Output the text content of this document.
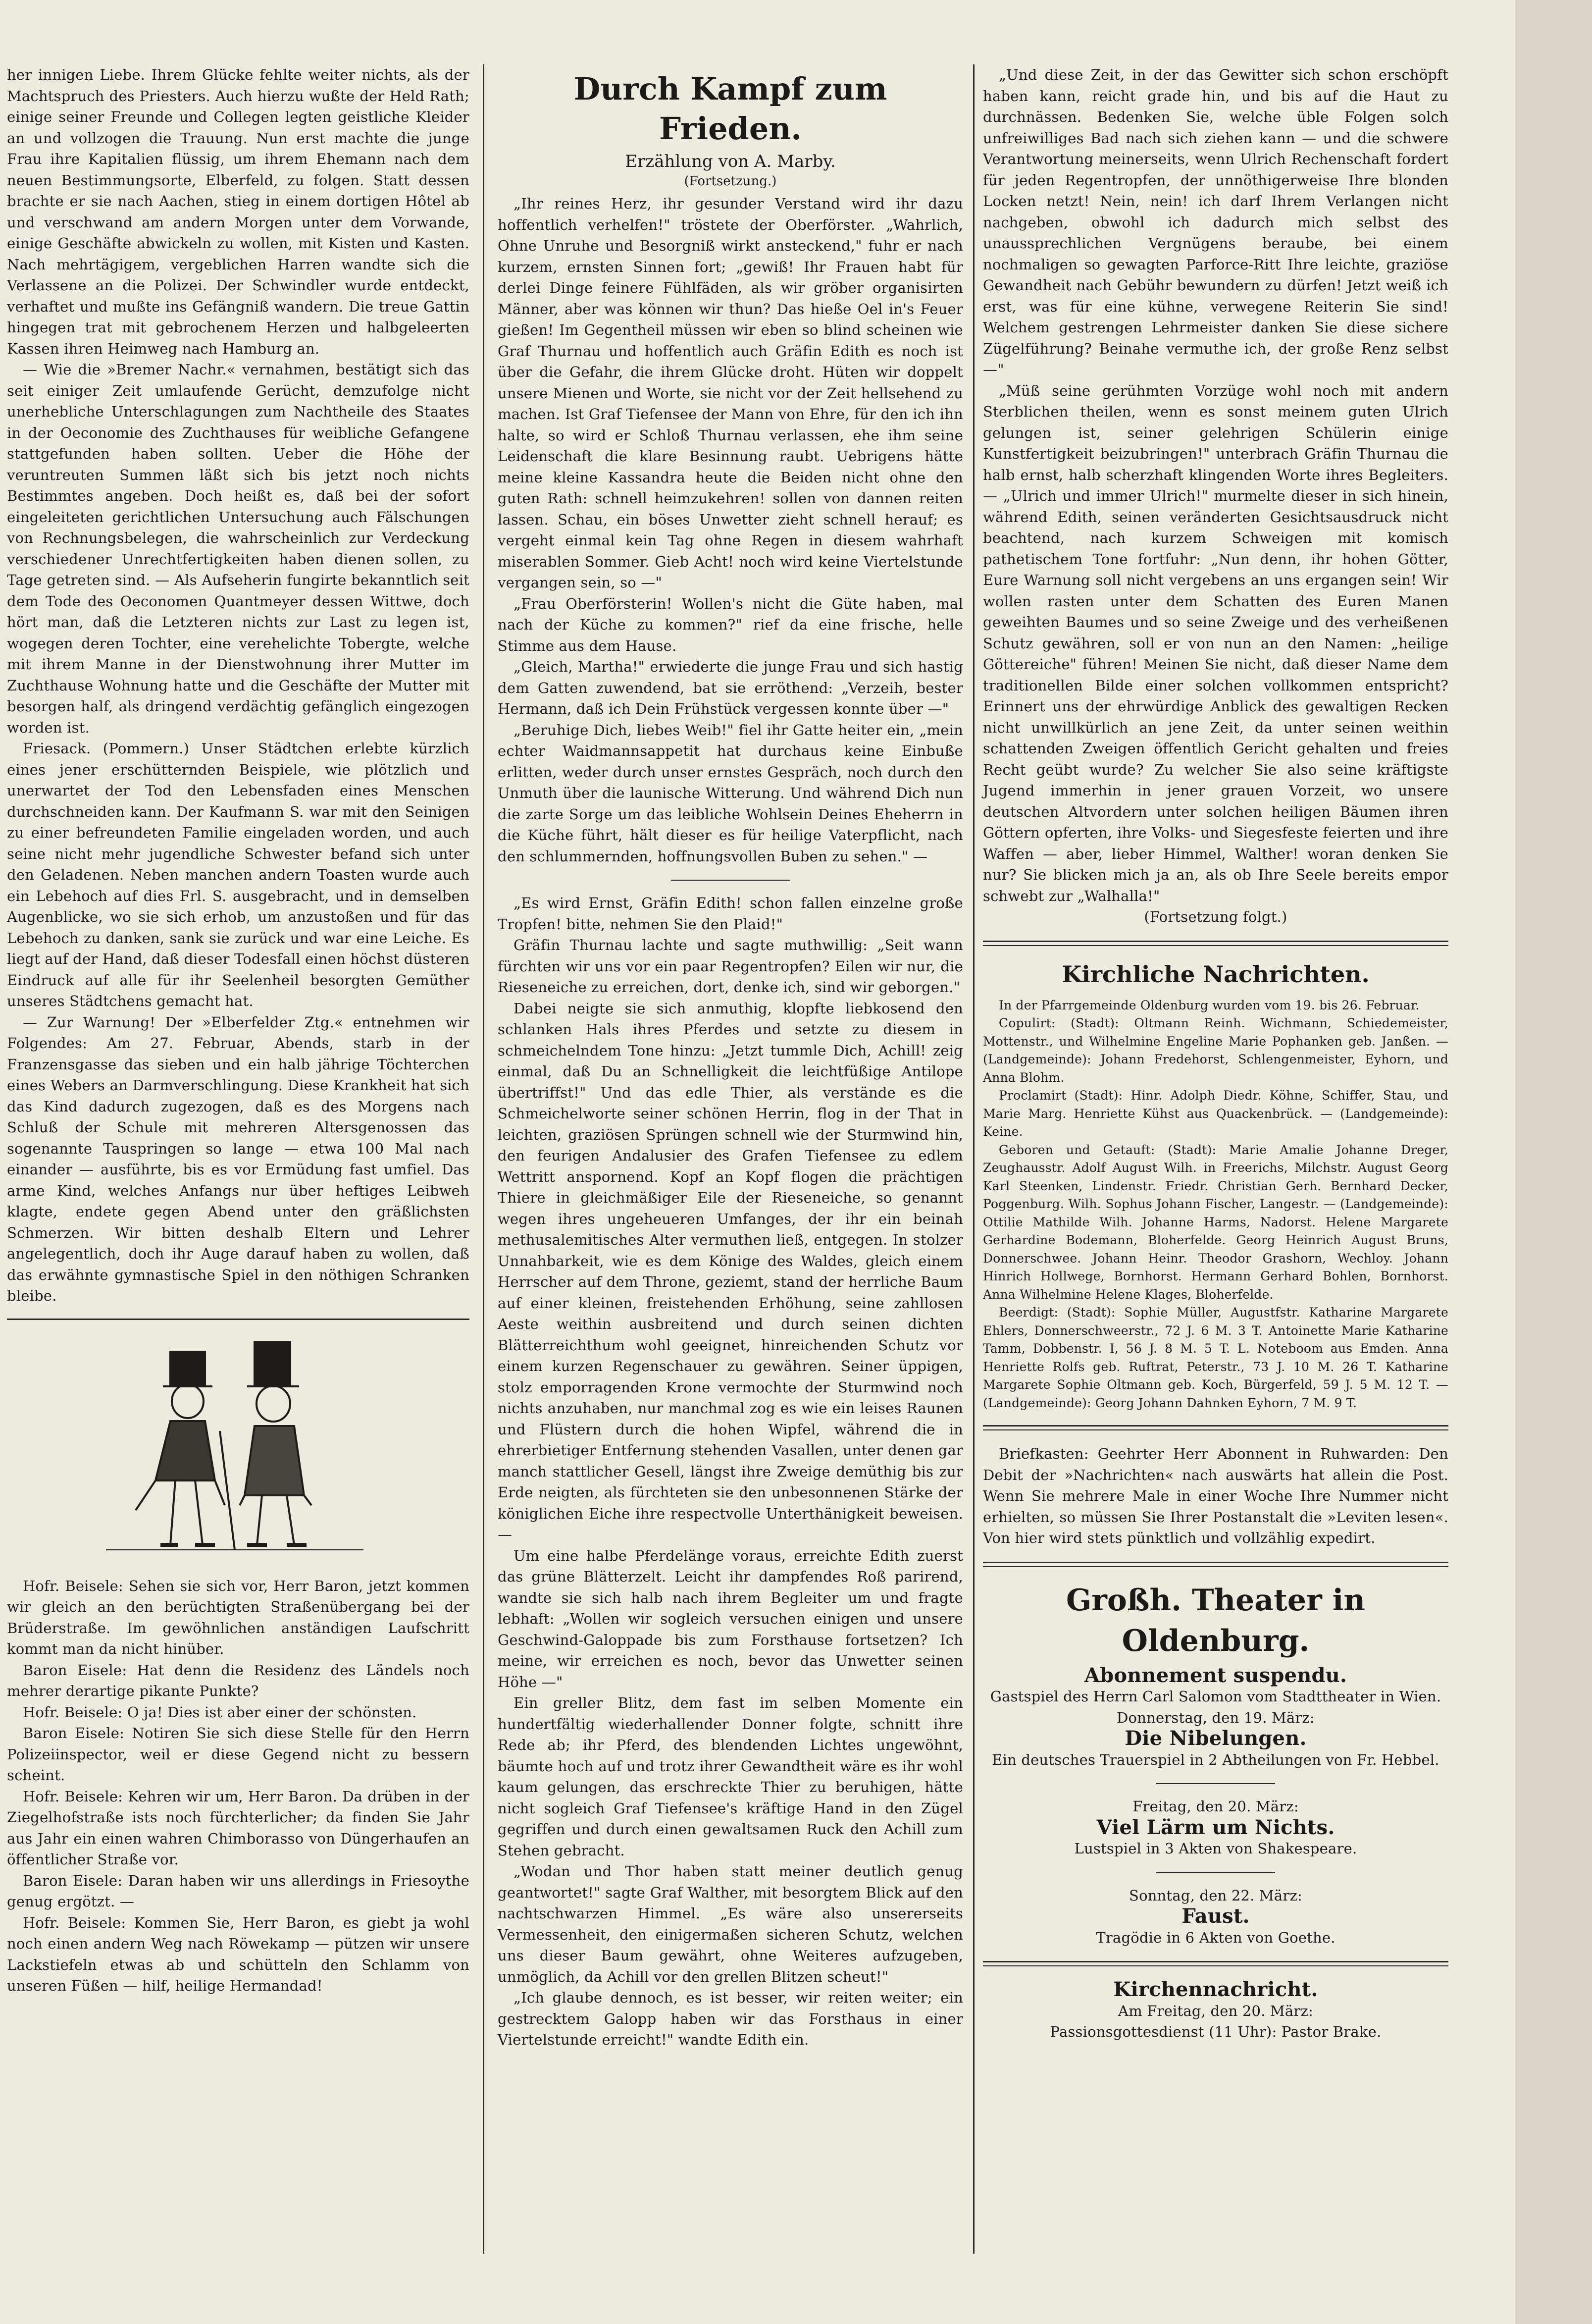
her innigen Liebe. Ihrem Glücke fehlte weiter nichts, als der Machtspruch des Priesters. Auch hierzu wußte der Held Rath; einige seiner Freunde und Collegen legten geistliche Kleider an und vollzogen die Trauung. Nun erst machte die junge Frau ihre Kapitalien flüssig, um ihrem Ehemann nach dem neuen Bestimmungsorte, Elberfeld, zu folgen. Statt dessen brachte er sie nach Aachen, stieg in einem dortigen Hôtel ab und verschwand am andern Morgen unter dem Vorwande, einige Geschäfte abwickeln zu wollen, mit Kisten und Kasten. Nach mehrtägigem, vergeblichen Harren wandte sich die Verlassene an die Polizei. Der Schwindler wurde entdeckt, verhaftet und mußte ins Gefängniß wandern. Die treue Gattin hingegen trat mit gebrochenem Herzen und halbgeleerten Kassen ihren Heimweg nach Hamburg an.

— Wie die »Bremer Nachr.« vernahmen, bestätigt sich das seit einiger Zeit umlaufende Gerücht, demzufolge nicht unerhebliche Unterschlagungen zum Nachtheile des Staates in der Oeconomie des Zuchthauses für weibliche Gefangene stattgefunden haben sollten. Ueber die Höhe der veruntreuten Summen läßt sich bis jetzt noch nichts Bestimmtes angeben. Doch heißt es, daß bei der sofort eingeleiteten gerichtlichen Untersuchung auch Fälschungen von Rechnungsbelegen, die wahrscheinlich zur Verdeckung verschiedener Unrechtfertigkeiten haben dienen sollen, zu Tage getreten sind. — Als Aufseherin fungirte bekanntlich seit dem Tode des Oeconomen Quantmeyer dessen Wittwe, doch hört man, daß die Letzteren nichts zur Last zu legen ist, wogegen deren Tochter, eine verehelichte Tobergte, welche mit ihrem Manne in der Dienstwohnung ihrer Mutter im Zuchthause Wohnung hatte und die Geschäfte der Mutter mit besorgen half, als dringend verdächtig gefänglich eingezogen worden ist.

Friesack. (Pommern.) Unser Städtchen erlebte kürzlich eines jener erschütternden Beispiele, wie plötzlich und unerwartet der Tod den Lebensfaden eines Menschen durchschneiden kann. Der Kaufmann S. war mit den Seinigen zu einer befreundeten Familie eingeladen worden, und auch seine nicht mehr jugendliche Schwester befand sich unter den Geladenen. Neben manchen andern Toasten wurde auch ein Lebehoch auf dies Frl. S. ausgebracht, und in demselben Augenblicke, wo sie sich erhob, um anzustoßen und für das Lebehoch zu danken, sank sie zurück und war eine Leiche. Es liegt auf der Hand, daß dieser Todesfall einen höchst düsteren Eindruck auf alle für ihr Seelenheil besorgten Gemüther unseres Städtchens gemacht hat.

— Zur Warnung! Der »Elberfelder Ztg.« entnehmen wir Folgendes: Am 27. Februar, Abends, starb in der Franzensgasse das sieben und ein halb jährige Töchterchen eines Webers an Darmverschlingung. Diese Krankheit hat sich das Kind dadurch zugezogen, daß es des Morgens nach Schluß der Schule mit mehreren Altersgenossen das sogenannte Tauspringen so lange — etwa 100 Mal nach einander — ausführte, bis es vor Ermüdung fast umfiel. Das arme Kind, welches Anfangs nur über heftiges Leibweh klagte, endete gegen Abend unter den gräßlichsten Schmerzen. Wir bitten deshalb Eltern und Lehrer angelegentlich, doch ihr Auge darauf haben zu wollen, daß das erwähnte gymnastische Spiel in den nöthigen Schranken bleibe.

Hofr. Beisele: Sehen sie sich vor, Herr Baron, jetzt kommen wir gleich an den berüchtigten Straßenübergang bei der Brüderstraße. Im gewöhnlichen anständigen Laufschritt kommt man da nicht hinüber.

Baron Eisele: Hat denn die Residenz des Ländels noch mehrer derartige pikante Punkte?

Hofr. Beisele: O ja! Dies ist aber einer der schönsten.

Baron Eisele: Notiren Sie sich diese Stelle für den Herrn Polizeiinspector, weil er diese Gegend nicht zu bessern scheint.

Hofr. Beisele: Kehren wir um, Herr Baron. Da drüben in der Ziegelhofstraße ists noch fürchterlicher; da finden Sie Jahr aus Jahr ein einen wahren Chimborasso von Düngerhaufen an öffentlicher Straße vor.

Baron Eisele: Daran haben wir uns allerdings in Friesoythe genug ergötzt. —

Hofr. Beisele: Kommen Sie, Herr Baron, es giebt ja wohl noch einen andern Weg nach Röwekamp — pützen wir unsere Lackstiefeln etwas ab und schütteln den Schlamm von unseren Füßen — hilf, heilige Hermandad!

Durch Kampf zum Frieden.
Erzählung von A. Marby.
(Fortsetzung.)

„Ihr reines Herz, ihr gesunder Verstand wird ihr dazu hoffentlich verhelfen!" tröstete der Oberförster. „Wahrlich, Ohne Unruhe und Besorgniß wirkt ansteckend," fuhr er nach kurzem, ernsten Sinnen fort; „gewiß! Ihr Frauen habt für derlei Dinge feinere Fühlfäden, als wir gröber organisirten Männer, aber was können wir thun? Das hieße Oel in's Feuer gießen! Im Gegentheil müssen wir eben so blind scheinen wie Graf Thurnau und hoffentlich auch Gräfin Edith es noch ist über die Gefahr, die ihrem Glücke droht. Hüten wir doppelt unsere Mienen und Worte, sie nicht vor der Zeit hellsehend zu machen. Ist Graf Tiefensee der Mann von Ehre, für den ich ihn halte, so wird er Schloß Thurnau verlassen, ehe ihm seine Leidenschaft die klare Besinnung raubt. Uebrigens hätte meine kleine Kassandra heute die Beiden nicht ohne den guten Rath: schnell heimzukehren! sollen von dannen reiten lassen. Schau, ein böses Unwetter zieht schnell herauf; es vergeht einmal kein Tag ohne Regen in diesem wahrhaft miserablen Sommer. Gieb Acht! noch wird keine Viertelstunde vergangen sein, so —"

„Frau Oberförsterin! Wollen's nicht die Güte haben, mal nach der Küche zu kommen?" rief da eine frische, helle Stimme aus dem Hause.

„Gleich, Martha!" erwiederte die junge Frau und sich hastig dem Gatten zuwendend, bat sie erröthend: „Verzeih, bester Hermann, daß ich Dein Frühstück vergessen konnte über —"

„Beruhige Dich, liebes Weib!" fiel ihr Gatte heiter ein, „mein echter Waidmannsappetit hat durchaus keine Einbuße erlitten, weder durch unser ernstes Gespräch, noch durch den Unmuth über die launische Witterung. Und während Dich nun die zarte Sorge um das leibliche Wohlsein Deines Eheherrn in die Küche führt, hält dieser es für heilige Vaterpflicht, nach den schlummernden, hoffnungsvollen Buben zu sehen." —

„Es wird Ernst, Gräfin Edith! schon fallen einzelne große Tropfen! bitte, nehmen Sie den Plaid!"

Gräfin Thurnau lachte und sagte muthwillig: „Seit wann fürchten wir uns vor ein paar Regentropfen? Eilen wir nur, die Rieseneiche zu erreichen, dort, denke ich, sind wir geborgen."

Dabei neigte sie sich anmuthig, klopfte liebkosend den schlanken Hals ihres Pferdes und setzte zu diesem in schmeichelndem Tone hinzu: „Jetzt tummle Dich, Achill! zeig einmal, daß Du an Schnelligkeit die leichtfüßige Antilope übertriffst!" Und das edle Thier, als verstände es die Schmeichelworte seiner schönen Herrin, flog in der That in leichten, graziösen Sprüngen schnell wie der Sturmwind hin, den feurigen Andalusier des Grafen Tiefensee zu edlem Wettritt anspornend. Kopf an Kopf flogen die prächtigen Thiere in gleichmäßiger Eile der Rieseneiche, so genannt wegen ihres ungeheueren Umfanges, der ihr ein beinah methusalemitisches Alter vermuthen ließ, entgegen. In stolzer Unnahbarkeit, wie es dem Könige des Waldes, gleich einem Herrscher auf dem Throne, geziemt, stand der herrliche Baum auf einer kleinen, freistehenden Erhöhung, seine zahllosen Aeste weithin ausbreitend und durch seinen dichten Blätterreichthum wohl geeignet, hinreichenden Schutz vor einem kurzen Regenschauer zu gewähren. Seiner üppigen, stolz emporragenden Krone vermochte der Sturmwind noch nichts anzuhaben, nur manchmal zog es wie ein leises Raunen und Flüstern durch die hohen Wipfel, während die in ehrerbietiger Entfernung stehenden Vasallen, unter denen gar manch stattlicher Gesell, längst ihre Zweige demüthig bis zur Erde neigten, als fürchteten sie den unbesonnenen Stärke der königlichen Eiche ihre respectvolle Unterthänigkeit beweisen. —

Um eine halbe Pferdelänge voraus, erreichte Edith zuerst das grüne Blätterzelt. Leicht ihr dampfendes Roß parirend, wandte sie sich halb nach ihrem Begleiter um und fragte lebhaft: „Wollen wir sogleich versuchen einigen und unsere Geschwind-Galoppade bis zum Forsthause fortsetzen? Ich meine, wir erreichen es noch, bevor das Unwetter seinen Höhe —"

Ein greller Blitz, dem fast im selben Momente ein hundertfältig wiederhallender Donner folgte, schnitt ihre Rede ab; ihr Pferd, des blendenden Lichtes ungewöhnt, bäumte hoch auf und trotz ihrer Gewandtheit wäre es ihr wohl kaum gelungen, das erschreckte Thier zu beruhigen, hätte nicht sogleich Graf Tiefensee's kräftige Hand in den Zügel gegriffen und durch einen gewaltsamen Ruck den Achill zum Stehen gebracht.

„Wodan und Thor haben statt meiner deutlich genug geantwortet!" sagte Graf Walther, mit besorgtem Blick auf den nachtschwarzen Himmel. „Es wäre also unsererseits Vermessenheit, den einigermaßen sicheren Schutz, welchen uns dieser Baum gewährt, ohne Weiteres aufzugeben, unmöglich, da Achill vor den grellen Blitzen scheut!"

„Ich glaube dennoch, es ist besser, wir reiten weiter; ein gestrecktem Galopp haben wir das Forsthaus in einer Viertelstunde erreicht!" wandte Edith ein.

„Und diese Zeit, in der das Gewitter sich schon erschöpft haben kann, reicht grade hin, und bis auf die Haut zu durchnässen. Bedenken Sie, welche üble Folgen solch unfreiwilliges Bad nach sich ziehen kann — und die schwere Verantwortung meinerseits, wenn Ulrich Rechenschaft fordert für jeden Regentropfen, der unnöthigerweise Ihre blonden Locken netzt! Nein, nein! ich darf Ihrem Verlangen nicht nachgeben, obwohl ich dadurch mich selbst des unaussprechlichen Vergnügens beraube, bei einem nochmaligen so gewagten Parforce-Ritt Ihre leichte, graziöse Gewandheit nach Gebühr bewundern zu dürfen! Jetzt weiß ich erst, was für eine kühne, verwegene Reiterin Sie sind! Welchem gestrengen Lehrmeister danken Sie diese sichere Zügelführung? Beinahe vermuthe ich, der große Renz selbst —"

„Müß seine gerühmten Vorzüge wohl noch mit andern Sterblichen theilen, wenn es sonst meinem guten Ulrich gelungen ist, seiner gelehrigen Schülerin einige Kunstfertigkeit beizubringen!" unterbrach Gräfin Thurnau die halb ernst, halb scherzhaft klingenden Worte ihres Begleiters. — „Ulrich und immer Ulrich!" murmelte dieser in sich hinein, während Edith, seinen veränderten Gesichtsausdruck nicht beachtend, nach kurzem Schweigen mit komisch pathetischem Tone fortfuhr: „Nun denn, ihr hohen Götter, Eure Warnung soll nicht vergebens an uns ergangen sein! Wir wollen rasten unter dem Schatten des Euren Manen geweihten Baumes und so seine Zweige und des verheißenen Schutz gewähren, soll er von nun an den Namen: „heilige Göttereiche" führen! Meinen Sie nicht, daß dieser Name dem traditionellen Bilde einer solchen vollkommen entspricht? Erinnert uns der ehrwürdige Anblick des gewaltigen Recken nicht unwillkürlich an jene Zeit, da unter seinen weithin schattenden Zweigen öffentlich Gericht gehalten und freies Recht geübt wurde? Zu welcher Sie also seine kräftigste Jugend immerhin in jener grauen Vorzeit, wo unsere deutschen Altvordern unter solchen heiligen Bäumen ihren Göttern opferten, ihre Volks- und Siegesfeste feierten und ihre Waffen — aber, lieber Himmel, Walther! woran denken Sie nur? Sie blicken mich ja an, als ob Ihre Seele bereits empor schwebt zur „Walhalla!"

(Fortsetzung folgt.)

Kirchliche Nachrichten.

In der Pfarrgemeinde Oldenburg wurden vom 19. bis 26. Februar.

Copulirt: (Stadt): Oltmann Reinh. Wichmann, Schiedemeister, Mottenstr., und Wilhelmine Engeline Marie Pophanken geb. Janßen. — (Landgemeinde): Johann Fredehorst, Schlengenmeister, Eyhorn, und Anna Blohm.

Proclamirt (Stadt): Hinr. Adolph Diedr. Köhne, Schiffer, Stau, und Marie Marg. Henriette Kühst aus Quackenbrück. — (Landgemeinde): Keine.

Geboren und Getauft: (Stadt): Marie Amalie Johanne Dreger, Zeughausstr. Adolf August Wilh. in Freerichs, Milchstr. August Georg Karl Steenken, Lindenstr. Friedr. Christian Gerh. Bernhard Decker, Poggenburg. Wilh. Sophus Johann Fischer, Langestr. — (Landgemeinde): Ottilie Mathilde Wilh. Johanne Harms, Nadorst. Helene Margarete Gerhardine Bodemann, Bloherfelde. Georg Heinrich August Bruns, Donnerschwee. Johann Heinr. Theodor Grashorn, Wechloy. Johann Hinrich Hollwege, Bornhorst. Hermann Gerhard Bohlen, Bornhorst. Anna Wilhelmine Helene Klages, Bloherfelde.

Beerdigt: (Stadt): Sophie Müller, Augustfstr. Katharine Margarete Ehlers, Donnerschweerstr., 72 J. 6 M. 3 T. Antoinette Marie Katharine Tamm, Dobbenstr. I, 56 J. 8 M. 5 T. L. Noteboom aus Emden. Anna Henriette Rolfs geb. Ruftrat, Peterstr., 73 J. 10 M. 26 T. Katharine Margarete Sophie Oltmann geb. Koch, Bürgerfeld, 59 J. 5 M. 12 T. — (Landgemeinde): Georg Johann Dahnken Eyhorn, 7 M. 9 T.

Briefkasten: Geehrter Herr Abonnent in Ruhwarden: Den Debit der »Nachrichten« nach auswärts hat allein die Post. Wenn Sie mehrere Male in einer Woche Ihre Nummer nicht erhielten, so müssen Sie Ihrer Postanstalt die »Leviten lesen«. Von hier wird stets pünktlich und vollzählig expedirt.

Großh. Theater in Oldenburg.

Abonnement suspendu.

Gastspiel des Herrn Carl Salomon vom Stadttheater in Wien.

Donnerstag, den 19. März:

Die Nibelungen.

Ein deutsches Trauerspiel in 2 Abtheilungen von Fr. Hebbel.

Freitag, den 20. März:

Viel Lärm um Nichts.

Lustspiel in 3 Akten von Shakespeare.

Sonntag, den 22. März:

Faust.

Tragödie in 6 Akten von Goethe.

Kirchennachricht.

Am Freitag, den 20. März:

Passionsgottesdienst (11 Uhr): Pastor Brake.
